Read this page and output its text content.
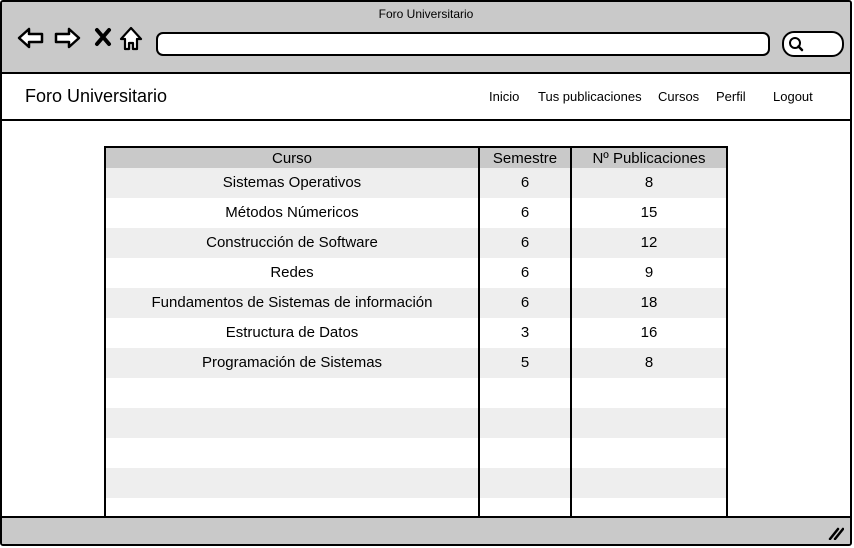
Foro Universitario
Foro Universitario	Inicio Tus publicaciones Cursos Perfil Logout
Curso	Semestre	Nº Publicaciones
Sistemas Operativos	6	8
Métodos Númericos	6	15
Construcción de Software	6	12
Redes	6	9
Fundamentos de Sistemas de información	6	18
Estructura de Datos	3	16
Programación de Sistemas	5	8
